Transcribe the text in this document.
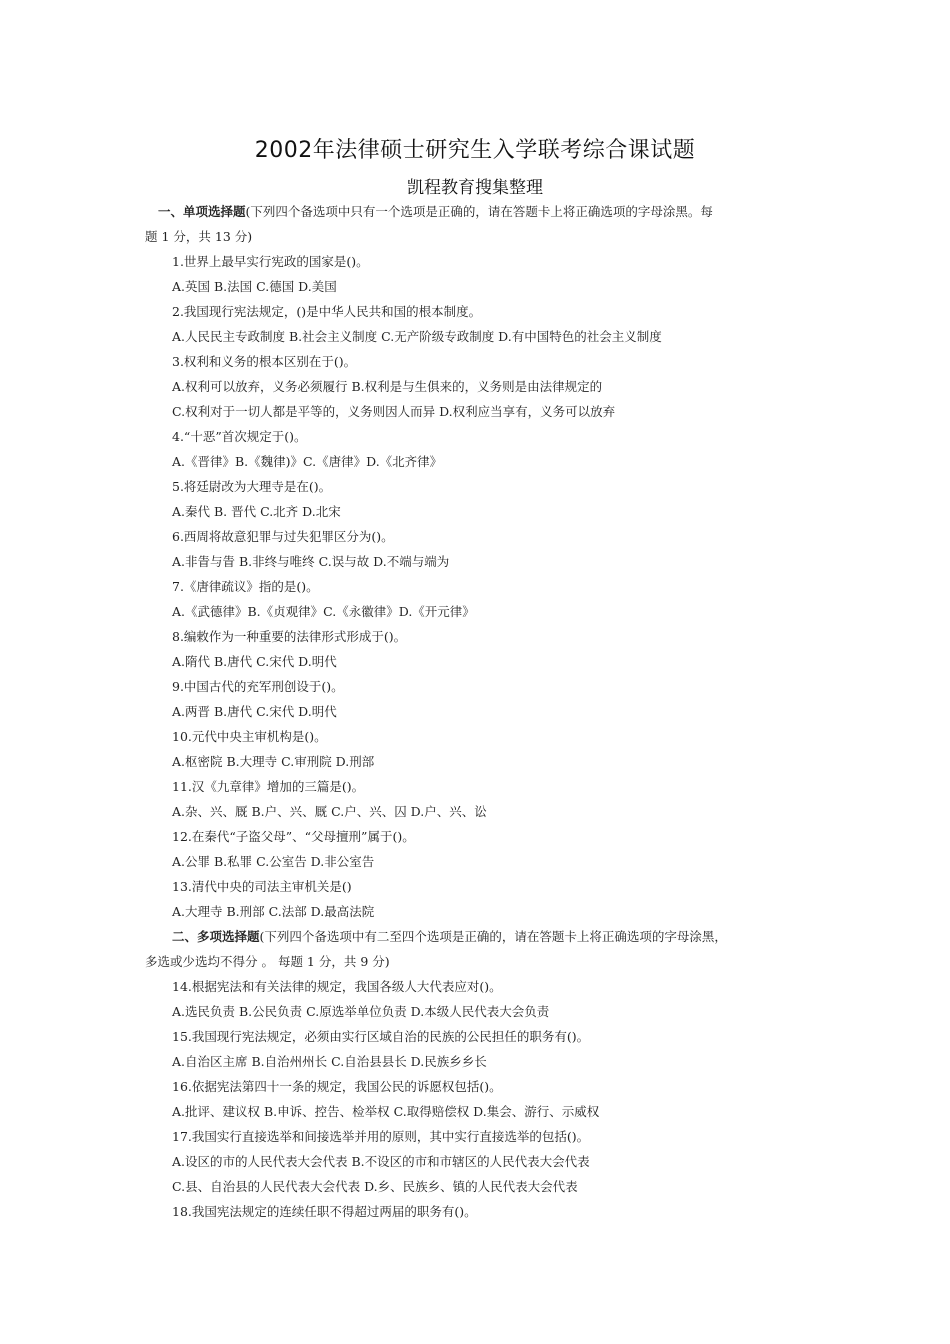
2002年法律硕士研究生入学联考综合课试题
凯程教育搜集整理
一、单项选择题(下列四个备选项中只有一个选项是正确的，请在答题卡上将正确选项的字母涂黑。每
题 1 分，共 13 分)
1.世界上最早实行宪政的国家是()。
A.英国 B.法国 C.德国 D.美国
2.我国现行宪法规定，()是中华人民共和国的根本制度。
A.人民民主专政制度 B.社会主义制度 C.无产阶级专政制度 D.有中国特色的社会主义制度
3.权利和义务的根本区别在于()。
A.权利可以放弃，义务必须履行 B.权利是与生俱来的，义务则是由法律规定的
C.权利对于一切人都是平等的，义务则因人而异 D.权利应当享有，义务可以放弃
4.“十恶”首次规定于()。
A.《晋律》B.《魏律)》C.《唐律》D.《北齐律》
5.将廷尉改为大理寺是在()。
A.秦代 B. 晋代 C.北齐 D.北宋
6.西周将故意犯罪与过失犯罪区分为()。
A.非眚与眚 B.非终与唯终 C.误与故 D.不端与端为
7.《唐律疏议》指的是()。
A.《武德律》B.《贞观律》C.《永徽律》D.《开元律》
8.编敕作为一种重要的法律形式形成于()。
A.隋代 B.唐代 C.宋代 D.明代
9.中国古代的充军刑创设于()。
A.两晋 B.唐代 C.宋代 D.明代
10.元代中央主审机构是()。
A.枢密院 B.大理寺 C.审刑院 D.刑部
11.汉《九章律》增加的三篇是()。
A.杂、兴、厩 B.户、兴、厩 C.户、兴、囚 D.户、兴、讼
12.在秦代“子盗父母”、“父母擅刑”属于()。
A.公罪 B.私罪 C.公室告 D.非公室告
13.清代中央的司法主审机关是()
A.大理寺 B.刑部 C.法部 D.最高法院
二、多项选择题(下列四个备选项中有二至四个选项是正确的，请在答题卡上将正确选项的字母涂黑，
多选或少选均不得分 。 每题 1 分，共 9 分)
14.根据宪法和有关法律的规定，我国各级人大代表应对()。
A.选民负责 B.公民负责 C.原选举单位负责 D.本级人民代表大会负责
15.我国现行宪法规定，必须由实行区域自治的民族的公民担任的职务有()。
A.自治区主席 B.自治州州长 C.自治县县长 D.民族乡乡长
16.依据宪法第四十一条的规定，我国公民的诉愿权包括()。
A.批评、建议权 B.申诉、控告、检举权 C.取得赔偿权 D.集会、游行、示威权
17.我国实行直接选举和间接选举并用的原则，其中实行直接选举的包括()。
A.设区的市的人民代表大会代表 B.不设区的市和市辖区的人民代表大会代表
C.县、自治县的人民代表大会代表 D.乡、民族乡、镇的人民代表大会代表
18.我国宪法规定的连续任职不得超过两届的职务有()。
